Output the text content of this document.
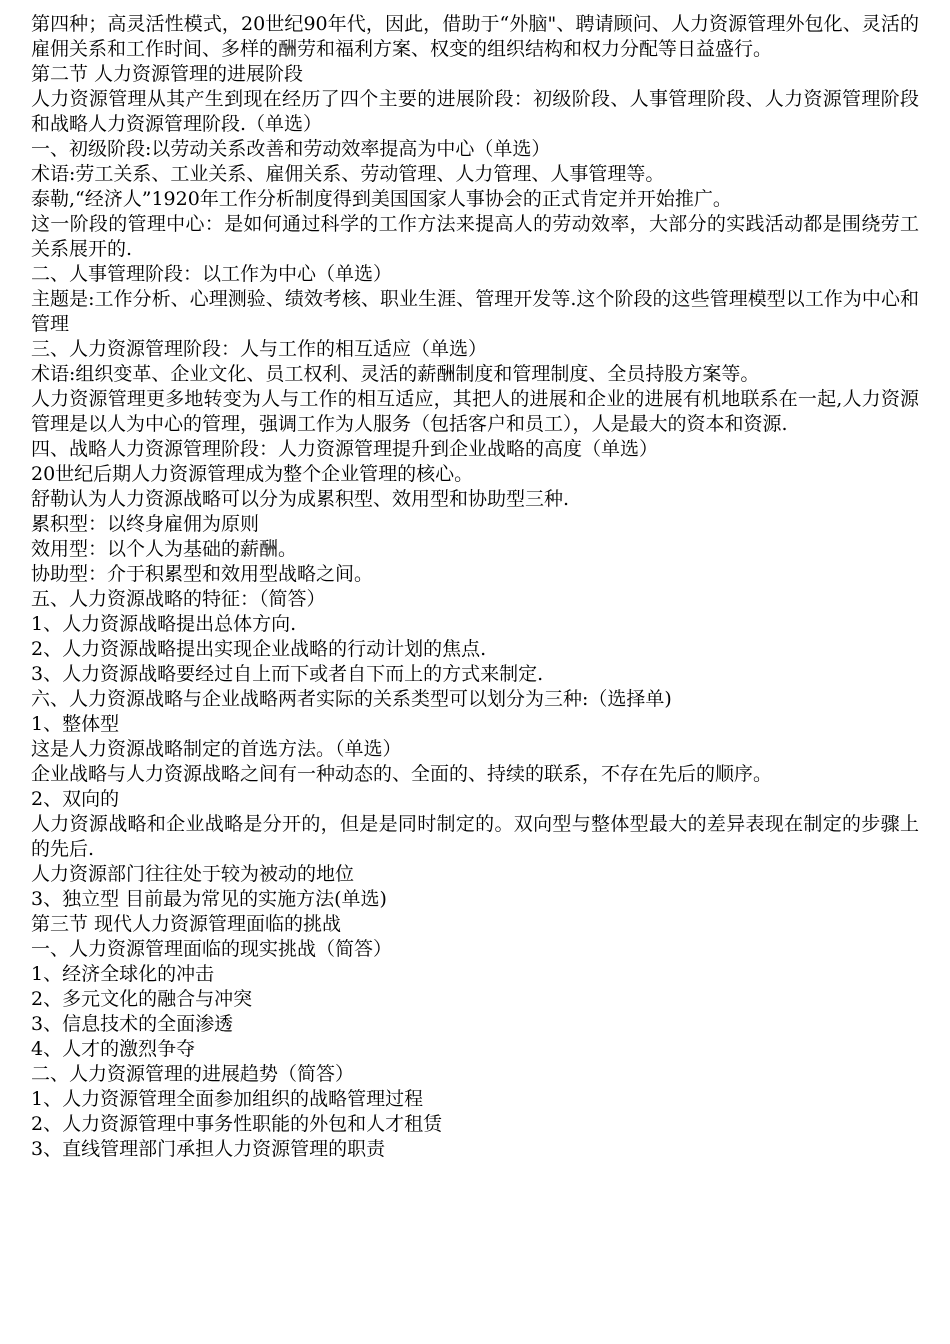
第四种；高灵活性模式，20世纪90年代，因此，借助于“外脑"、聘请顾问、人力资源管理外包化、灵活的雇佣关系和工作时间、多样的酬劳和福利方案、权变的组织结构和权力分配等日益盛行。

第二节 人力资源管理的进展阶段

人力资源管理从其产生到现在经历了四个主要的进展阶段：初级阶段、人事管理阶段、人力资源管理阶段和战略人力资源管理阶段.（单选）

一、初级阶段:以劳动关系改善和劳动效率提高为中心（单选）

术语:劳工关系、工业关系、雇佣关系、劳动管理、人力管理、人事管理等。

泰勒,“经济人”1920年工作分析制度得到美国国家人事协会的正式肯定并开始推广。

这一阶段的管理中心：是如何通过科学的工作方法来提高人的劳动效率，大部分的实践活动都是围绕劳工关系展开的.

二、人事管理阶段：以工作为中心（单选）

主题是:工作分析、心理测验、绩效考核、职业生涯、管理开发等.这个阶段的这些管理模型以工作为中心和管理

三、人力资源管理阶段：人与工作的相互适应（单选）

术语:组织变革、企业文化、员工权利、灵活的薪酬制度和管理制度、全员持股方案等。

人力资源管理更多地转变为人与工作的相互适应，其把人的进展和企业的进展有机地联系在一起,人力资源管理是以人为中心的管理，强调工作为人服务（包括客户和员工），人是最大的资本和资源.

四、战略人力资源管理阶段：人力资源管理提升到企业战略的高度（单选）

20世纪后期人力资源管理成为整个企业管理的核心。

舒勒认为人力资源战略可以分为成累积型、效用型和协助型三种.

累积型：以终身雇佣为原则

效用型：以个人为基础的薪酬。

协助型：介于积累型和效用型战略之间。

五、人力资源战略的特征：（简答）

1、人力资源战略提出总体方向.

2、人力资源战略提出实现企业战略的行动计划的焦点.

3、人力资源战略要经过自上而下或者自下而上的方式来制定.

六、人力资源战略与企业战略两者实际的关系类型可以划分为三种:（选择单)

1、整体型

这是人力资源战略制定的首选方法。（单选）

企业战略与人力资源战略之间有一种动态的、全面的、持续的联系，不存在先后的顺序。

2、双向的

人力资源战略和企业战略是分开的，但是是同时制定的。双向型与整体型最大的差异表现在制定的步骤上的先后.

人力资源部门往往处于较为被动的地位

3、独立型 目前最为常见的实施方法(单选)

第三节 现代人力资源管理面临的挑战

一、人力资源管理面临的现实挑战（简答）

1、经济全球化的冲击

2、多元文化的融合与冲突

3、信息技术的全面渗透

4、人才的激烈争夺

二、人力资源管理的进展趋势（简答）

1、人力资源管理全面参加组织的战略管理过程

2、人力资源管理中事务性职能的外包和人才租赁

3、直线管理部门承担人力资源管理的职责
